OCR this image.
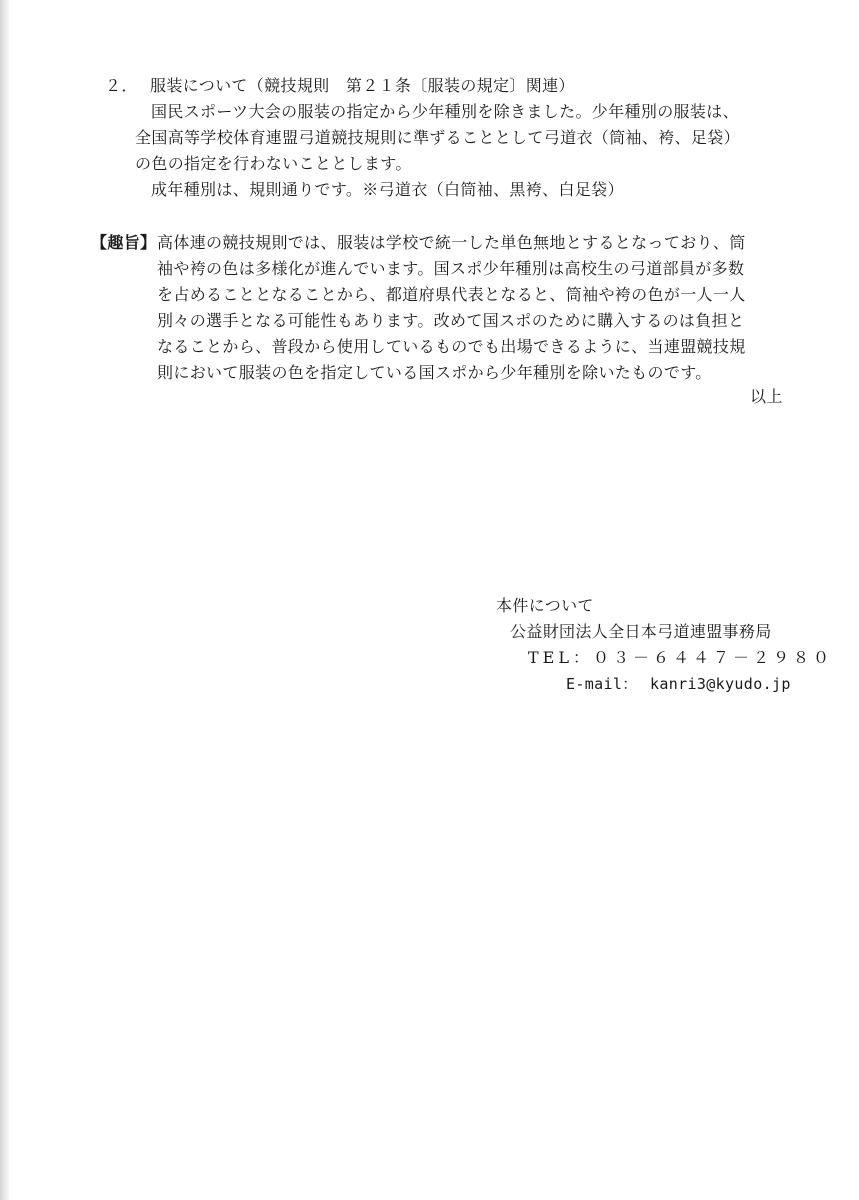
２． 服装について（競技規則　第２１条〔服装の規定〕関連）
国民スポーツ大会の服装の指定から少年種別を除きました。少年種別の服装は、
全国高等学校体育連盟弓道競技規則に準ずることとして弓道衣（筒袖、袴、足袋）
の色の指定を行わないこととします。
成年種別は、規則通りです。※弓道衣（白筒袖、黒袴、白足袋）
【趣旨】 高体連の競技規則では、服装は学校で統一した単色無地とするとなっており、筒
袖や袴の色は多様化が進んでいます。国スポ少年種別は高校生の弓道部員が多数
を占めることとなることから、都道府県代表となると、筒袖や袴の色が一人一人
別々の選手となる可能性もあります。改めて国スポのために購入するのは負担と
なることから、普段から使用しているものでも出場できるように、当連盟競技規
則において服装の色を指定している国スポから少年種別を除いたものです。
以上
本件について
公益財団法人全日本弓道連盟事務局
TEL：０３－６４４７－２９８０
E-mail： kanri3@kyudo.jp
